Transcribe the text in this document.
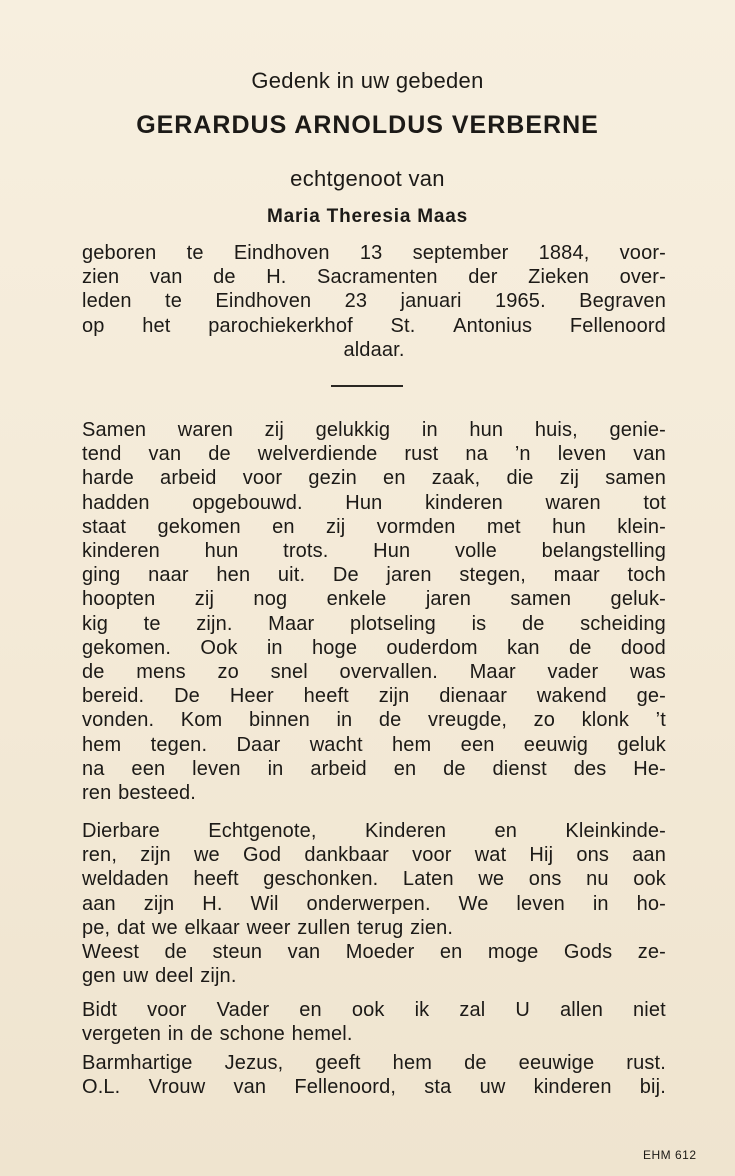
Gedenk in uw gebeden
GERARDUS ARNOLDUS VERBERNE
echtgenoot van
Maria Theresia Maas
geboren te Eindhoven 13 september 1884, voor-
zien van de H. Sacramenten der Zieken over-
leden te Eindhoven 23 januari 1965. Begraven
op het parochiekerkhof St. Antonius Fellenoord
aldaar.
Samen waren zij gelukkig in hun huis, genie-
tend van de welverdiende rust na ’n leven van
harde arbeid voor gezin en zaak, die zij samen
hadden opgebouwd. Hun kinderen waren tot
staat gekomen en zij vormden met hun klein-
kinderen hun trots. Hun volle belangstelling
ging naar hen uit. De jaren stegen, maar toch
hoopten zij nog enkele jaren samen geluk-
kig te zijn. Maar plotseling is de scheiding
gekomen. Ook in hoge ouderdom kan de dood
de mens zo snel overvallen. Maar vader was
bereid. De Heer heeft zijn dienaar wakend ge-
vonden. Kom binnen in de vreugde, zo klonk ’t
hem tegen. Daar wacht hem een eeuwig geluk
na een leven in arbeid en de dienst des He-
ren besteed.
Dierbare Echtgenote, Kinderen en Kleinkinde-
ren, zijn we God dankbaar voor wat Hij ons aan
weldaden heeft geschonken. Laten we ons nu ook
aan zijn H. Wil onderwerpen. We leven in ho-
pe, dat we elkaar weer zullen terug zien.
Weest de steun van Moeder en moge Gods ze-
gen uw deel zijn.
Bidt voor Vader en ook ik zal U allen niet
vergeten in de schone hemel.
Barmhartige Jezus, geeft hem de eeuwige rust.
O.L. Vrouw van Fellenoord, sta uw kinderen bij.
EHM 612
